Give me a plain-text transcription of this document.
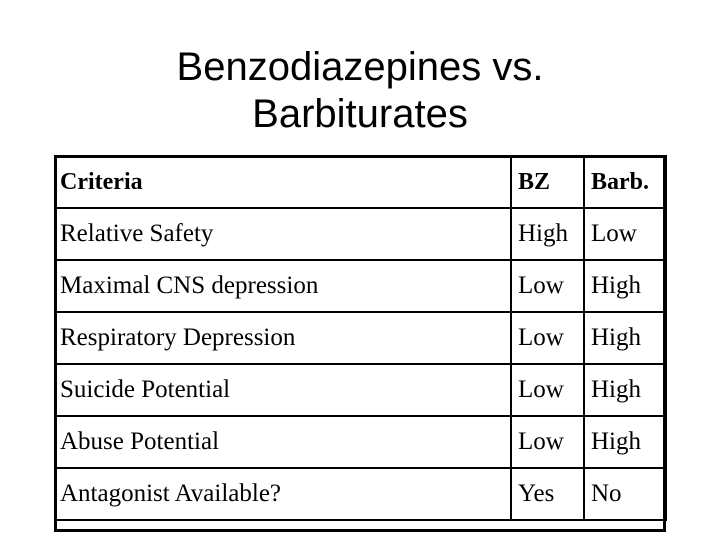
Benzodiazepines vs.
Barbiturates
Criteria	BZ	Barb.
Relative Safety	High	Low
Maximal CNS depression	Low	High
Respiratory Depression	Low	High
Suicide Potential	Low	High
Abuse Potential	Low	High
Antagonist Available?	Yes	No
